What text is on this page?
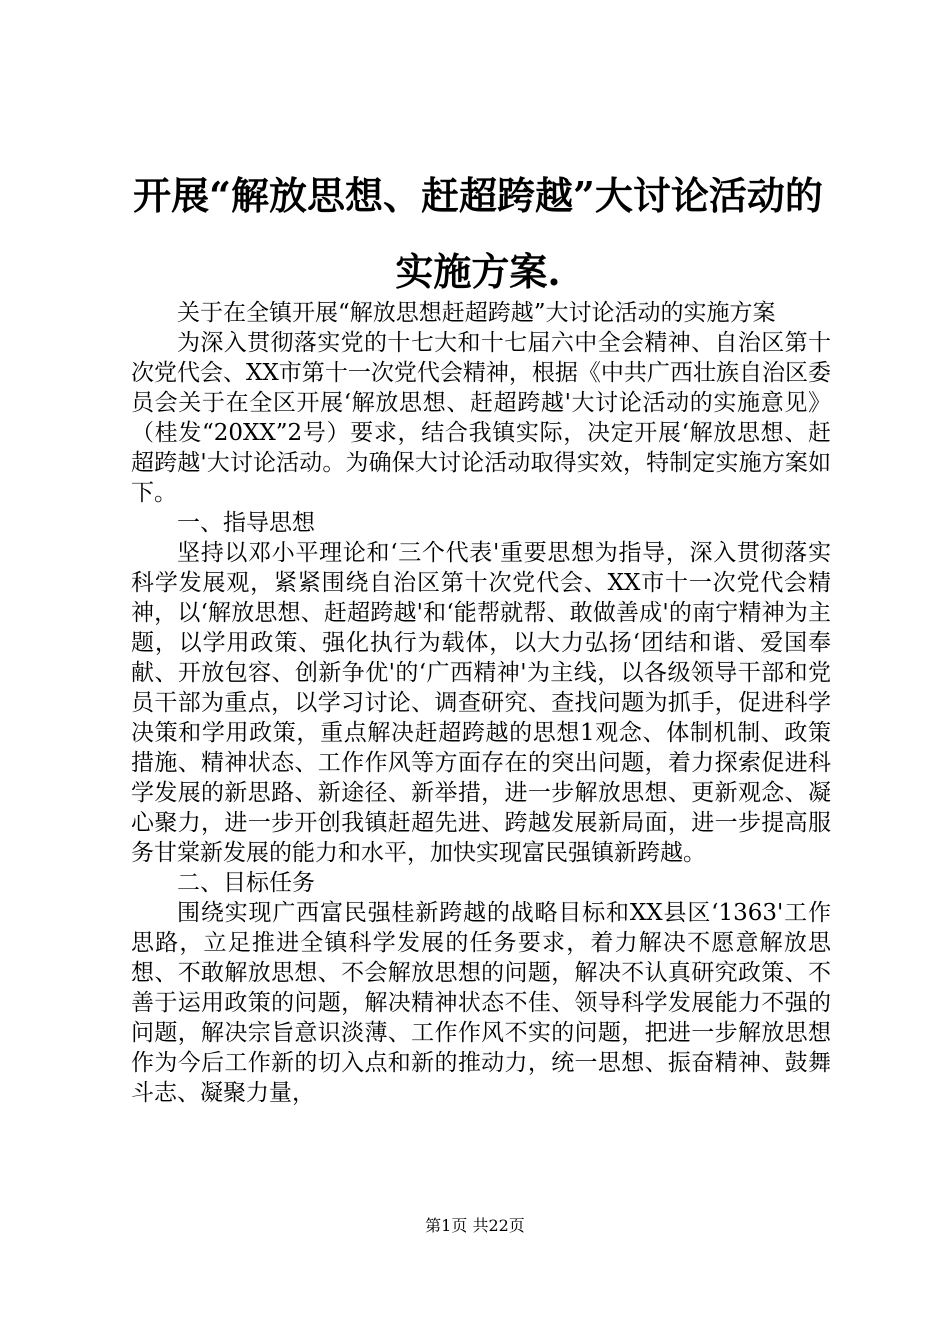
开展“解放思想、赶超跨越”大讨论活动的实施方案.

关于在全镇开展“解放思想赶超跨越”大讨论活动的实施方案

为深入贯彻落实党的十七大和十七届六中全会精神、自治区第十次党代会、XX市第十一次党代会精神，根据《中共广西壮族自治区委员会关于在全区开展‘解放思想、赶超跨越'大讨论活动的实施意见》（桂发“20XX”2号）要求，结合我镇实际，决定开展‘解放思想、赶超跨越'大讨论活动。为确保大讨论活动取得实效，特制定实施方案如下。

一、指导思想

坚持以邓小平理论和‘三个代表'重要思想为指导，深入贯彻落实科学发展观，紧紧围绕自治区第十次党代会、XX市十一次党代会精神，以‘解放思想、赶超跨越'和‘能帮就帮、敢做善成'的南宁精神为主题，以学用政策、强化执行为载体，以大力弘扬‘团结和谐、爱国奉献、开放包容、创新争优'的‘广西精神'为主线，以各级领导干部和党员干部为重点，以学习讨论、调查研究、查找问题为抓手，促进科学决策和学用政策，重点解决赶超跨越的思想1观念、体制机制、政策措施、精神状态、工作作风等方面存在的突出问题，着力探索促进科学发展的新思路、新途径、新举措，进一步解放思想、更新观念、凝心聚力，进一步开创我镇赶超先进、跨越发展新局面，进一步提高服务甘棠新发展的能力和水平，加快实现富民强镇新跨越。

二、目标任务

围绕实现广西富民强桂新跨越的战略目标和XX县区‘1363'工作思路，立足推进全镇科学发展的任务要求，着力解决不愿意解放思想、不敢解放思想、不会解放思想的问题，解决不认真研究政策、不善于运用政策的问题，解决精神状态不佳、领导科学发展能力不强的问题，解决宗旨意识淡薄、工作作风不实的问题，把进一步解放思想作为今后工作新的切入点和新的推动力，统一思想、振奋精神、鼓舞斗志、凝聚力量，

第1页 共22页
